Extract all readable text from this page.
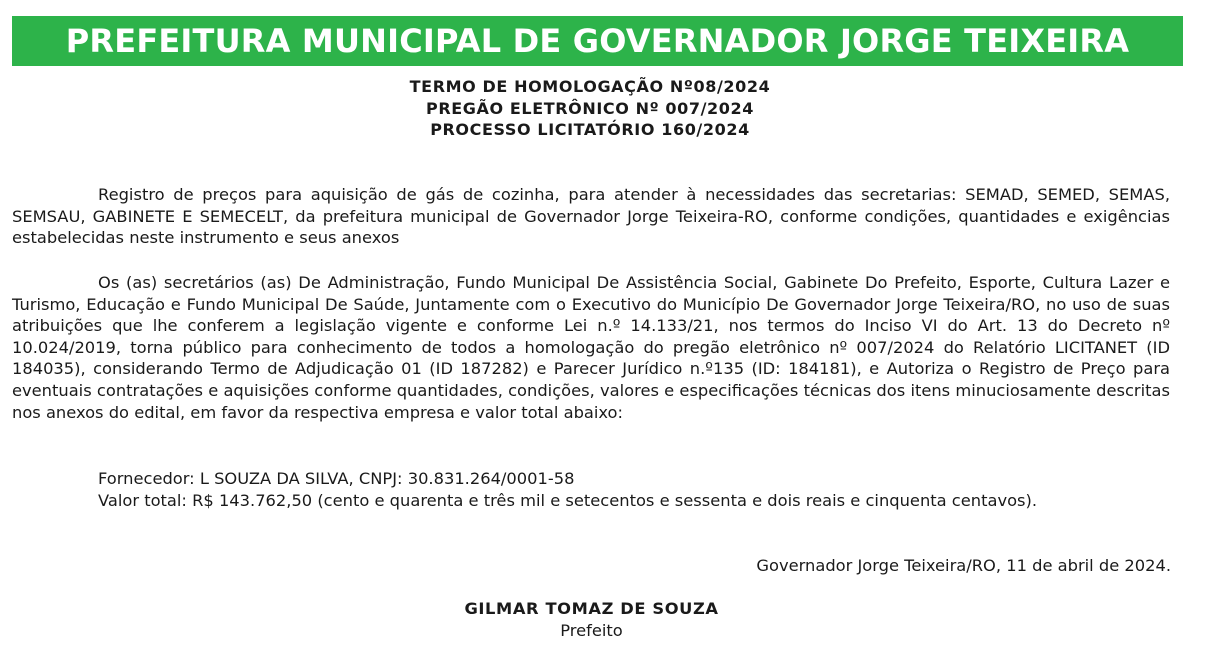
PREFEITURA MUNICIPAL DE GOVERNADOR JORGE TEIXEIRA
TERMO DE HOMOLOGAÇÃO Nº08/2024
PREGÃO ELETRÔNICO Nº 007/2024
PROCESSO LICITATÓRIO 160/2024

Registro de preços para aquisição de gás de cozinha, para atender à necessidades das secretarias: SEMAD, SEMED, SEMAS, SEMSAU, GABINETE E SEMECELT, da prefeitura municipal de Governador Jorge Teixeira-RO, conforme condições, quantidades e exigências estabelecidas neste instrumento e seus anexos

Os (as) secretários (as) De Administração, Fundo Municipal De Assistência Social, Gabinete Do Prefeito, Esporte, Cultura Lazer e Turismo, Educação e Fundo Municipal De Saúde, Juntamente com o Executivo do Município De Governador Jorge Teixeira/RO, no uso de suas atribuições que lhe conferem a legislação vigente e conforme Lei n.º 14.133/21, nos termos do Inciso VI do Art. 13 do Decreto nº 10.024/2019, torna público para conhecimento de todos a homologação do pregão eletrônico nº 007/2024 do Relatório LICITANET (ID 184035), considerando Termo de Adjudicação 01 (ID 187282) e Parecer Jurídico n.º135 (ID: 184181), e Autoriza o Registro de Preço para eventuais contratações e aquisições conforme quantidades, condições, valores e especificações técnicas dos itens minuciosamente descritas nos anexos do edital, em favor da respectiva empresa e valor total abaixo:

Fornecedor: L SOUZA DA SILVA, CNPJ: 30.831.264/0001-58
Valor total: R$ 143.762,50 (cento e quarenta e três mil e setecentos e sessenta e dois reais e cinquenta centavos).
Governador Jorge Teixeira/RO, 11 de abril de 2024.
GILMAR TOMAZ DE SOUZA
Prefeito
